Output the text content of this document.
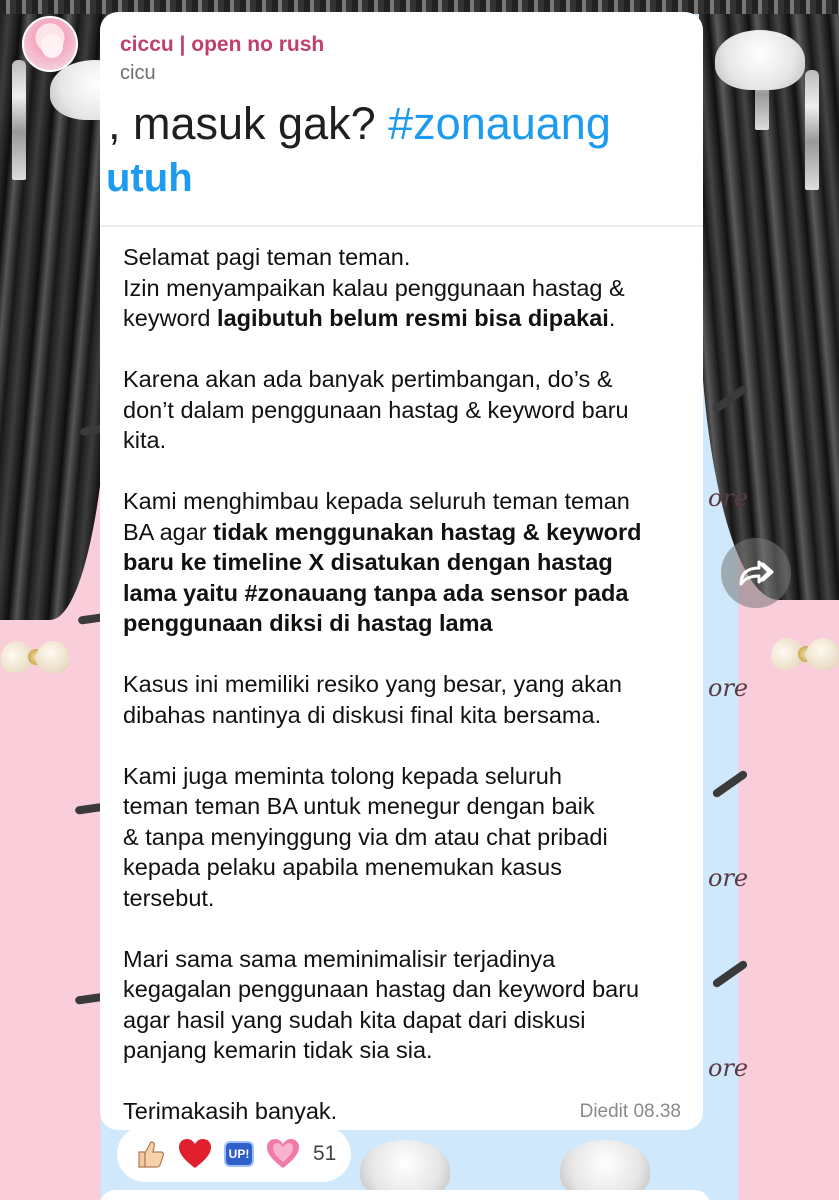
ore
ore
ore
ore
ciccu | open no rush
cicu
, masuk gak? #zonauang
utuh
Selamat pagi teman teman.
Izin menyampaikan kalau penggunaan hastag &
keyword lagibutuh belum resmi bisa dipakai.
Karena akan ada banyak pertimbangan, do’s &
don’t dalam penggunaan hastag & keyword baru
kita.
Kami menghimbau kepada seluruh teman teman
BA agar tidak menggunakan hastag & keyword
baru ke timeline X disatukan dengan hastag
lama yaitu #zonauang tanpa ada sensor pada
penggunaan diksi di hastag lama
Kasus ini memiliki resiko yang besar, yang akan
dibahas nantinya di diskusi final kita bersama.
Kami juga meminta tolong kepada seluruh
teman teman BA untuk menegur dengan baik
& tanpa menyinggung via dm atau chat pribadi
kepada pelaku apabila menemukan kasus
tersebut.
Mari sama sama meminimalisir terjadinya
kegagalan penggunaan hastag dan keyword baru
agar hasil yang sudah kita dapat dari diskusi
panjang kemarin tidak sia sia.
Terimakasih banyak.	Diedit 08.38
UP!	51
